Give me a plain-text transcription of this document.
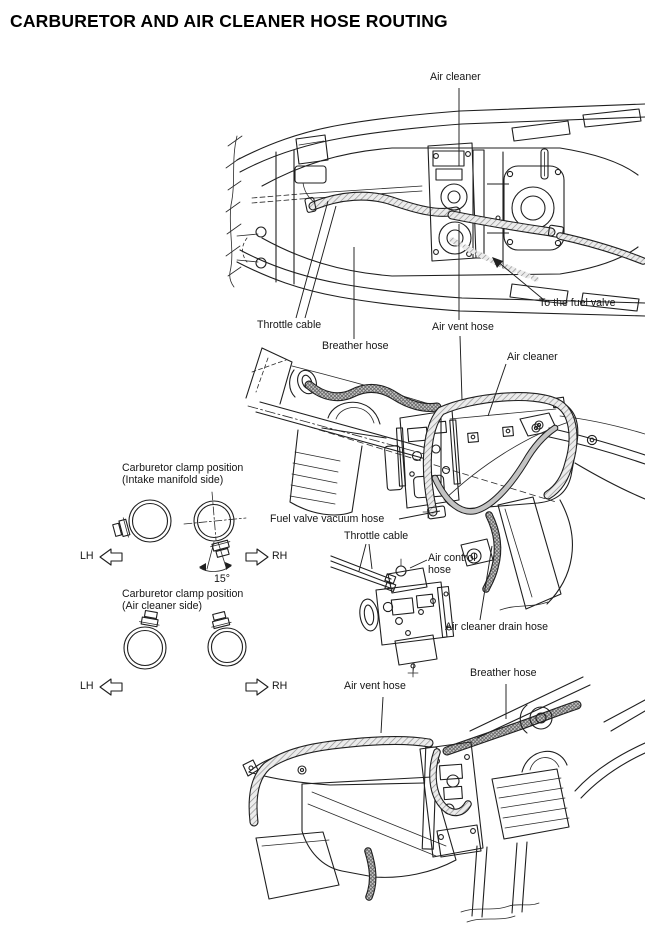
CARBURETOR AND AIR CLEANER HOSE ROUTING
Air cleaner
To the fuel valve
Throttle cable
Breather hose
Air vent hose
Air cleaner
Fuel valve vacuum hose
Throttle cable
Air control hose
Air cleaner drain hose
Carburetor clamp position
(Intake manifold side)
LH	RH
15°
Carburetor clamp position
(Air cleaner side)
LH	RH	Air vent hose
Breather hose
